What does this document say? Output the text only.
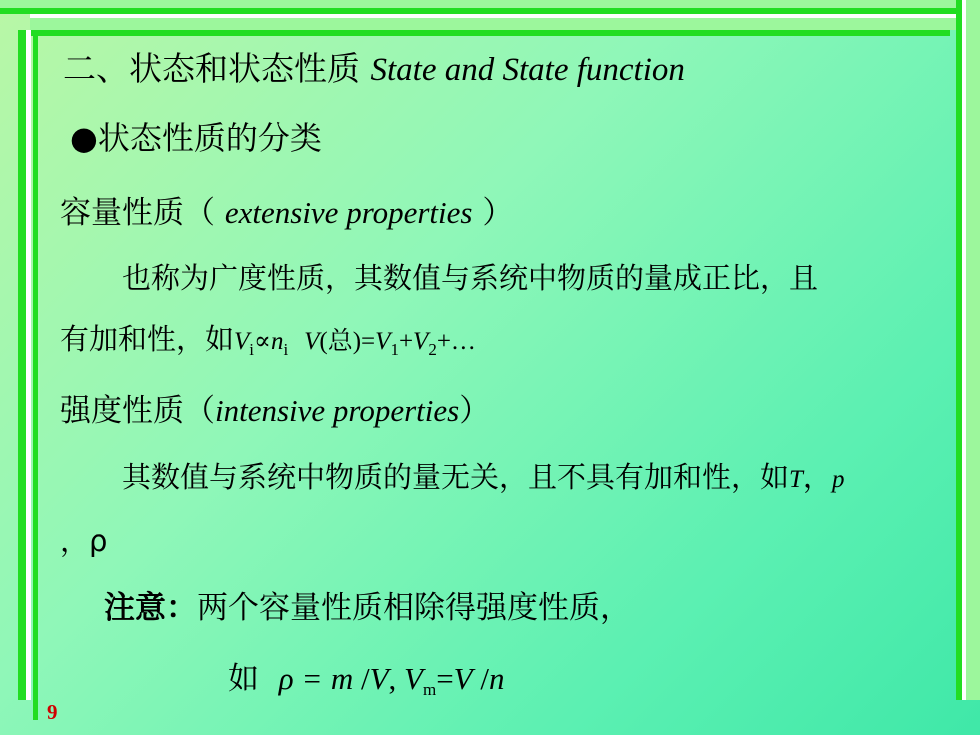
二、状态和状态性质 State and State function
●状态性质的分类
容量性质（ extensive properties ）
也称为广度性质，其数值与系统中物质的量成正比，且
有加和性，如$V_i\propto n_i$ V(总)$=V_1+V_2+\dots$
强度性质（intensive properties）
其数值与系统中物质的量无关，且不具有加和性，如T，p
，ρ
注意：两个容量性质相除得强度性质，
如 ρ = m /V, $V_m=V$ /n
9
